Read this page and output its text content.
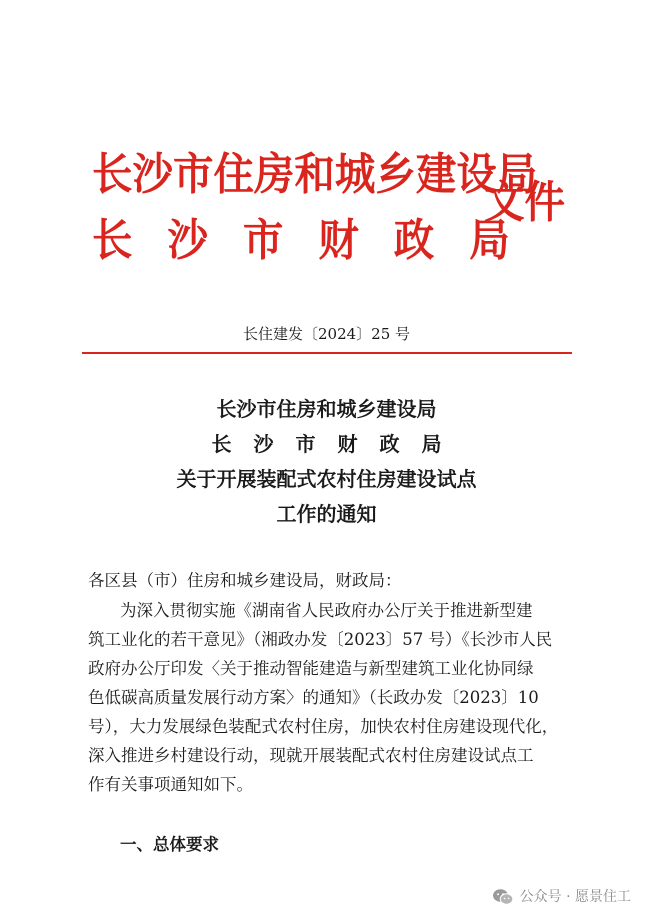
长沙市住房和城乡建设局
长沙市财政局
文件
长住建发〔2024〕25 号
长沙市住房和城乡建设局
长沙市财政局
关于开展装配式农村住房建设试点
工作的通知
各区县（市）住房和城乡建设局，财政局：
为深入贯彻实施《湖南省人民政府办公厅关于推进新型建
筑工业化的若干意见》（湘政办发〔2023〕57 号）《长沙市人民
政府办公厅印发〈关于推动智能建造与新型建筑工业化协同绿
色低碳高质量发展行动方案〉的通知》（长政办发〔2023〕10
号），大力发展绿色装配式农村住房，加快农村住房建设现代化，
深入推进乡村建设行动，现就开展装配式农村住房建设试点工
作有关事项通知如下。
一、总体要求
公众号 · 愿景住工
